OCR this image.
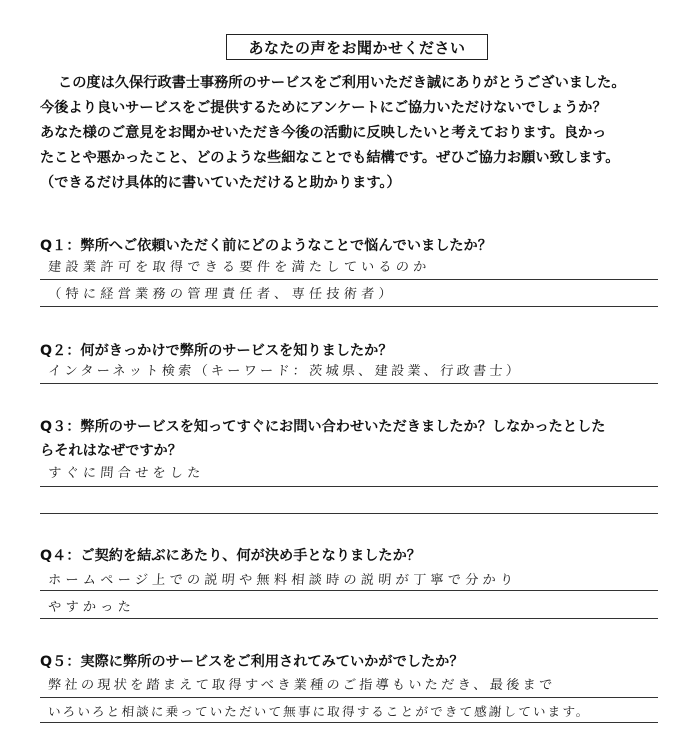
あなたの声をお聞かせください
この度は久保行政書士事務所のサービスをご利用いただき誠にありがとうございました。
今後より良いサービスをご提供するためにアンケートにご協力いただけないでしょうか？
あなた様のご意見をお聞かせいただき今後の活動に反映したいと考えております。良かっ
たことや悪かったこと、どのような些細なことでも結構です。ぜひご協力お願い致します。
（できるだけ具体的に書いていただけると助かります。）
Q１：弊所へご依頼いただく前にどのようなことで悩んでいましたか？
建設業許可を取得できる要件を満たしているのか
（特に経営業務の管理責任者、専任技術者）
Q２：何がきっかけで弊所のサービスを知りましたか？
インターネット検索（キーワード：茨城県、建設業、行政書士）
Q３：弊所のサービスを知ってすぐにお問い合わせいただきましたか？しなかったとした
らそれはなぜですか？
すぐに問合せをした
Q４：ご契約を結ぶにあたり、何が決め手となりましたか？
ホームページ上での説明や無料相談時の説明が丁寧で分かり
やすかった
Q５：実際に弊所のサービスをご利用されてみていかがでしたか？
弊社の現状を踏まえて取得すべき業種のご指導もいただき、最後まで
いろいろと相談に乗っていただいて無事に取得することができて感謝しています。
